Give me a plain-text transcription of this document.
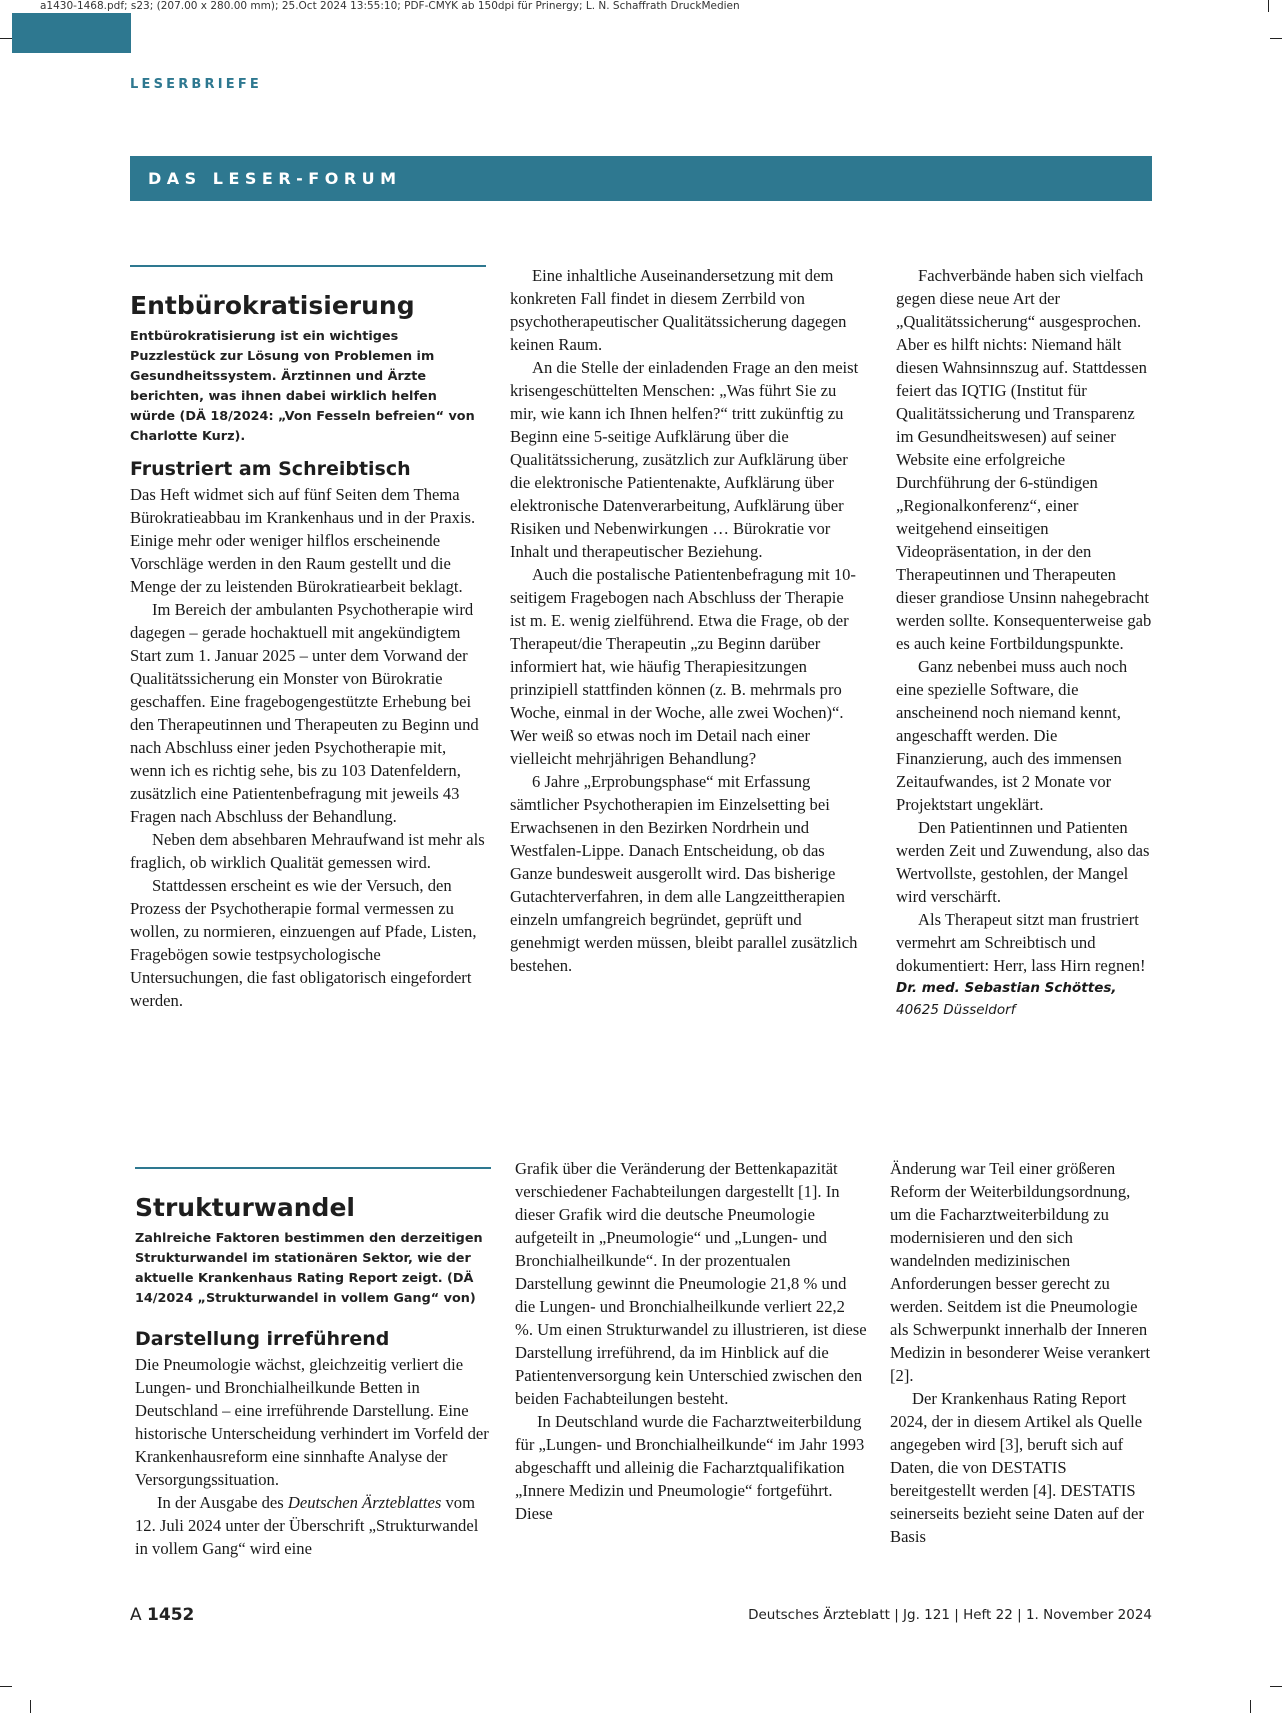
a1430-1468.pdf; s23; (207.00 x 280.00 mm); 25.Oct 2024 13:55:10; PDF-CMYK ab 150dpi für Prinergy; L. N. Schaffrath DruckMedien
LESERBRIEFE
DAS LESER-FORUM
Entbürokratisierung
Entbürokratisierung ist ein wichtiges Puzzlestück zur Lösung von Problemen im Gesundheitssystem. Ärztinnen und Ärzte berichten, was ihnen dabei wirklich helfen würde (DÄ 18/2024: „Von Fesseln befreien“ von Charlotte Kurz).
Frustriert am Schreibtisch

Das Heft widmet sich auf fünf Seiten dem Thema Bürokratieabbau im Krankenhaus und in der Praxis. Einige mehr oder weniger hilflos erscheinende Vorschläge werden in den Raum gestellt und die Menge der zu leistenden Bürokratiearbeit beklagt.

Im Bereich der ambulanten Psychotherapie wird dagegen – gerade hochaktuell mit angekündigtem Start zum 1. Januar 2025 – unter dem Vorwand der Qualitätssicherung ein Monster von Bürokratie geschaffen. Eine fragebogengestützte Erhebung bei den Therapeutinnen und Therapeuten zu Beginn und nach Abschluss einer jeden Psychotherapie mit, wenn ich es richtig sehe, bis zu 103 Datenfeldern, zusätzlich eine Patientenbefragung mit jeweils 43 Fragen nach Abschluss der Behandlung.

Neben dem absehbaren Mehraufwand ist mehr als fraglich, ob wirklich Qualität gemessen wird.

Stattdessen erscheint es wie der Versuch, den Prozess der Psychotherapie formal vermessen zu wollen, zu normieren, einzuengen auf Pfade, Listen, Fragebögen sowie testpsychologische Untersuchungen, die fast obligatorisch eingefordert werden.

Eine inhaltliche Auseinandersetzung mit dem konkreten Fall findet in diesem Zerrbild von psychotherapeutischer Qualitätssicherung dagegen keinen Raum.

An die Stelle der einladenden Frage an den meist krisengeschüttelten Menschen: „Was führt Sie zu mir, wie kann ich Ihnen helfen?“ tritt zukünftig zu Beginn eine 5-seitige Aufklärung über die Qualitätssicherung, zusätzlich zur Aufklärung über die elektronische Patientenakte, Aufklärung über elektronische Datenverarbeitung, Aufklärung über Risiken und Nebenwirkungen … Bürokratie vor Inhalt und therapeutischer Beziehung.

Auch die postalische Patientenbefragung mit 10-seitigem Fragebogen nach Abschluss der Therapie ist m. E. wenig zielführend. Etwa die Frage, ob der Therapeut/die Therapeutin „zu Beginn darüber informiert hat, wie häufig Therapiesitzungen prinzipiell stattfinden können (z. B. mehrmals pro Woche, einmal in der Woche, alle zwei Wochen)“. Wer weiß so etwas noch im Detail nach einer vielleicht mehrjährigen Behandlung?

6 Jahre „Erprobungsphase“ mit Erfassung sämtlicher Psychotherapien im Einzelsetting bei Erwachsenen in den Bezirken Nordrhein und Westfalen-Lippe. Danach Entscheidung, ob das Ganze bundesweit ausgerollt wird. Das bisherige Gutachterverfahren, in dem alle Langzeittherapien einzeln umfangreich begründet, geprüft und genehmigt werden müssen, bleibt parallel zusätzlich bestehen.

Fachverbände haben sich vielfach gegen diese neue Art der „Qualitätssicherung“ ausgesprochen. Aber es hilft nichts: Niemand hält diesen Wahnsinnszug auf. Stattdessen feiert das IQTIG (Institut für Qualitätssicherung und Transparenz im Gesundheitswesen) auf seiner Website eine erfolgreiche Durchführung der 6-stündigen „Regionalkonferenz“, einer weitgehend einseitigen Videopräsentation, in der den Therapeutinnen und Therapeuten dieser grandiose Unsinn nahegebracht werden sollte. Konsequenterweise gab es auch keine Fortbildungspunkte.

Ganz nebenbei muss auch noch eine spezielle Software, die anscheinend noch niemand kennt, angeschafft werden. Die Finanzierung, auch des immensen Zeitaufwandes, ist 2 Monate vor Projektstart ungeklärt.

Den Patientinnen und Patienten werden Zeit und Zuwendung, also das Wertvollste, gestohlen, der Mangel wird verschärft.

Als Therapeut sitzt man frustriert vermehrt am Schreibtisch und dokumentiert: Herr, lass Hirn regnen!

Dr. med. Sebastian Schöttes,
40625 Düsseldorf
Strukturwandel
Zahlreiche Faktoren bestimmen den derzeitigen Strukturwandel im stationären Sektor, wie der aktuelle Krankenhaus Rating Report zeigt. (DÄ 14/2024 „Strukturwandel in vollem Gang“ von)
Darstellung irreführend

Die Pneumologie wächst, gleichzeitig verliert die Lungen- und Bronchialheilkunde Betten in Deutschland – eine irreführende Darstellung. Eine historische Unterscheidung verhindert im Vorfeld der Krankenhausreform eine sinnhafte Analyse der Versorgungssituation.

In der Ausgabe des Deutschen Ärzteblattes vom 12. Juli 2024 unter der Überschrift „Strukturwandel in vollem Gang“ wird eine

Grafik über die Veränderung der Bettenkapazität verschiedener Fachabteilungen dargestellt [1]. In dieser Grafik wird die deutsche Pneumologie aufgeteilt in „Pneumologie“ und „Lungen- und Bronchialheilkunde“. In der prozentualen Darstellung gewinnt die Pneumologie 21,8 % und die Lungen- und Bronchialheilkunde verliert 22,2 %. Um einen Strukturwandel zu illustrieren, ist diese Darstellung irreführend, da im Hinblick auf die Patientenversorgung kein Unterschied zwischen den beiden Fachabteilungen besteht.

In Deutschland wurde die Facharztweiterbildung für „Lungen- und Bronchialheilkunde“ im Jahr 1993 abgeschafft und alleinig die Facharztqualifikation „Innere Medizin und Pneumologie“ fortgeführt. Diese

Änderung war Teil einer größeren Reform der Weiterbildungsordnung, um die Facharztweiterbildung zu modernisieren und den sich wandelnden medizinischen Anforderungen besser gerecht zu werden. Seitdem ist die Pneumologie als Schwerpunkt innerhalb der Inneren Medizin in besonderer Weise verankert [2].

Der Krankenhaus Rating Report 2024, der in diesem Artikel als Quelle angegeben wird [3], beruft sich auf Daten, die von DESTATIS bereitgestellt werden [4]. DESTATIS seinerseits bezieht seine Daten auf der Basis

A 1452	Deutsches Ärzteblatt | Jg. 121 | Heft 22 | 1. November 2024
